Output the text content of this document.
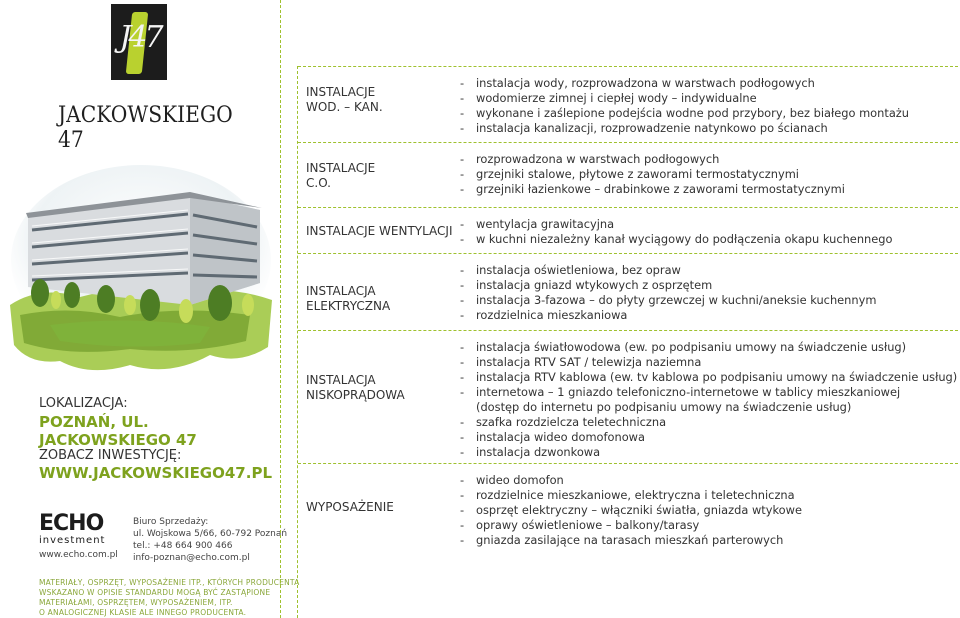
J47
JACKOWSKIEGO 47
LOKALIZACJA:
POZNAŃ, UL. JACKOWSKIEGO 47
ZOBACZ INWESTYCJĘ:
WWW.JACKOWSKIEGO47.PL
ECHO
investment
www.echo.com.pl
Biuro Sprzedaży:
ul. Wojskowa 5/66, 60-792 Poznań
tel.: +48 664 900 466
info-poznan@echo.com.pl
MATERIAŁY, OSPRZĘT, WYPOSAŻENIE ITP., KTÓRYCH PRODUCENTA
WSKAZANO W OPISIE STANDARDU MOGĄ BYĆ ZASTĄPIONE
MATERIAŁAMI, OSPRZĘTEM, WYPOSAŻENIEM, ITP.
O ANALOGICZNEJ KLASIE ALE INNEGO PRODUCENTA.
INSTALACJE
WOD. – KAN.
- instalacja wody, rozprowadzona w warstwach podłogowych
- wodomierze zimnej i ciepłej wody – indywidualne
- wykonane i zaślepione podejścia wodne pod przybory, bez białego montażu
- instalacja kanalizacji, rozprowadzenie natynkowo po ścianach
INSTALACJE
C.O.
- rozprowadzona w warstwach podłogowych
- grzejniki stalowe, płytowe z zaworami termostatycznymi
- grzejniki łazienkowe – drabinkowe z zaworami termostatycznymi
INSTALACJE WENTYLACJI
-	wentylacja grawitacyjna
- w kuchni niezależny kanał wyciągowy do podłączenia okapu kuchennego
INSTALACJA
ELEKTRYCZNA
- instalacja oświetleniowa, bez opraw
- instalacja gniazd wtykowych z osprzętem
- instalacja 3-fazowa – do płyty grzewczej w kuchni/aneksie kuchennym
- rozdzielnica mieszkaniowa
INSTALACJA
NISKOPRĄDOWA
- instalacja światłowodowa (ew. po podpisaniu umowy na świadczenie usług)
- instalacja RTV SAT / telewizja naziemna
- instalacja RTV kablowa (ew. tv kablowa po podpisaniu umowy na świadczenie usług)
- internetowa – 1 gniazdo telefoniczno-internetowe w tablicy mieszkaniowej
(dostęp do internetu po podpisaniu umowy na świadczenie usług)
- szafka rozdzielcza teletechniczna
- instalacja wideo domofonowa
- instalacja dzwonkowa
WYPOSAŻENIE
- wideo domofon
- rozdzielnice mieszkaniowe, elektryczna i teletechniczna
- osprzęt elektryczny – włączniki światła, gniazda wtykowe
- oprawy oświetleniowe – balkony/tarasy
- gniazda zasilające na tarasach mieszkań parterowych
